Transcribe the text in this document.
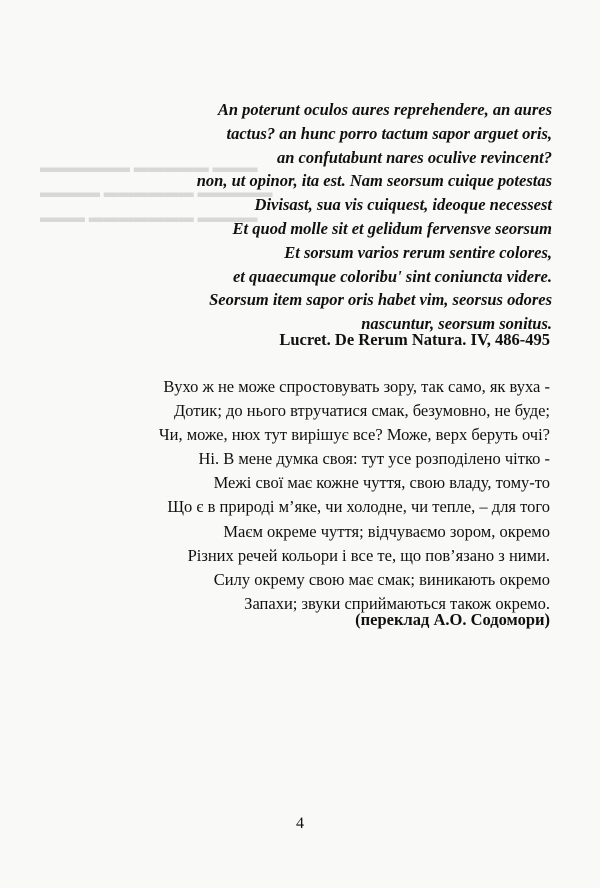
▬▬▬ ▬▬▬▬▬ ▬▬▬▬▬▬
▬▬▬▬▬ ▬▬▬▬▬▬ ▬▬▬▬
▬▬▬▬ ▬▬▬▬▬▬▬ ▬▬▬
An poterunt oculos aures reprehendere, an aures
tactus? an hunc porro tactum sapor arguet oris,
an confutabunt nares oculive revincent?
non, ut opinor, ita est. Nam seorsum cuique potestas
Divisast, sua vis cuiquest, ideoque necessest
Et quod molle sit et gelidum fervensve seorsum
Et sorsum varios rerum sentire colores,
et quaecumque coloribu' sint coniuncta videre.
Seorsum item sapor oris habet vim, seorsus odores
nascuntur, seorsum sonitus.
Lucret. De Rerum Natura. IV, 486-495
Вухо ж не може спростовувать зору, так само, як вуха -
Дотик; до нього втручатися смак, безумовно, не буде;
Чи, може, нюх тут вирішує все? Може, верх беруть очі?
Ні. В мене думка своя: тут усе розподілено чітко -
Межі свої має кожне чуття, свою владу, тому-то
Що є в природі м’яке, чи холодне, чи тепле, – для того
Маєм окреме чуття; відчуваємо зором, окремо
Різних речей кольори і все те, що пов’язано з ними.
Силу окрему свою має смак; виникають окремо
Запахи; звуки сприймаються також окремо.
(переклад А.О. Содомори)
4
